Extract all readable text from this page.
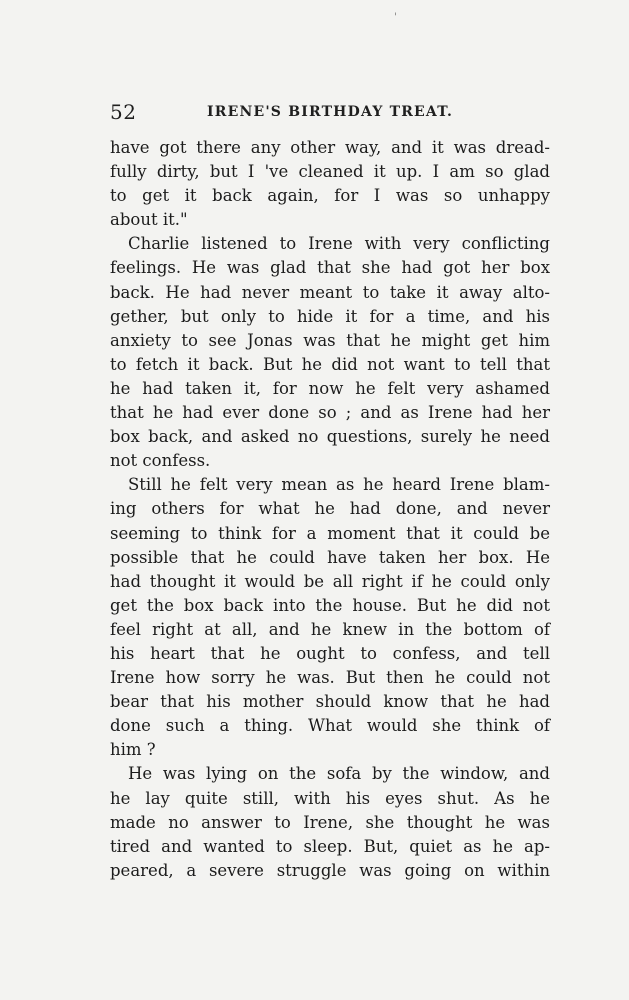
'
52	IRENE'S BIRTHDAY TREAT.
have got there any other way, and it was dread-
fully dirty, but I 've cleaned it up. I am so glad
to get it back again, for I was so unhappy
about it."
Charlie listened to Irene with very conflicting
feelings. He was glad that she had got her box
back. He had never meant to take it away alto-
gether, but only to hide it for a time, and his
anxiety to see Jonas was that he might get him
to fetch it back. But he did not want to tell that
he had taken it, for now he felt very ashamed
that he had ever done so ; and as Irene had her
box back, and asked no questions, surely he need
not confess.
Still he felt very mean as he heard Irene blam-
ing others for what he had done, and never
seeming to think for a moment that it could be
possible that he could have taken her box. He
had thought it would be all right if he could only
get the box back into the house. But he did not
feel right at all, and he knew in the bottom of
his heart that he ought to confess, and tell
Irene how sorry he was. But then he could not
bear that his mother should know that he had
done such a thing. What would she think of
him ?
He was lying on the sofa by the window, and
he lay quite still, with his eyes shut. As he
made no answer to Irene, she thought he was
tired and wanted to sleep. But, quiet as he ap-
peared, a severe struggle was going on within
